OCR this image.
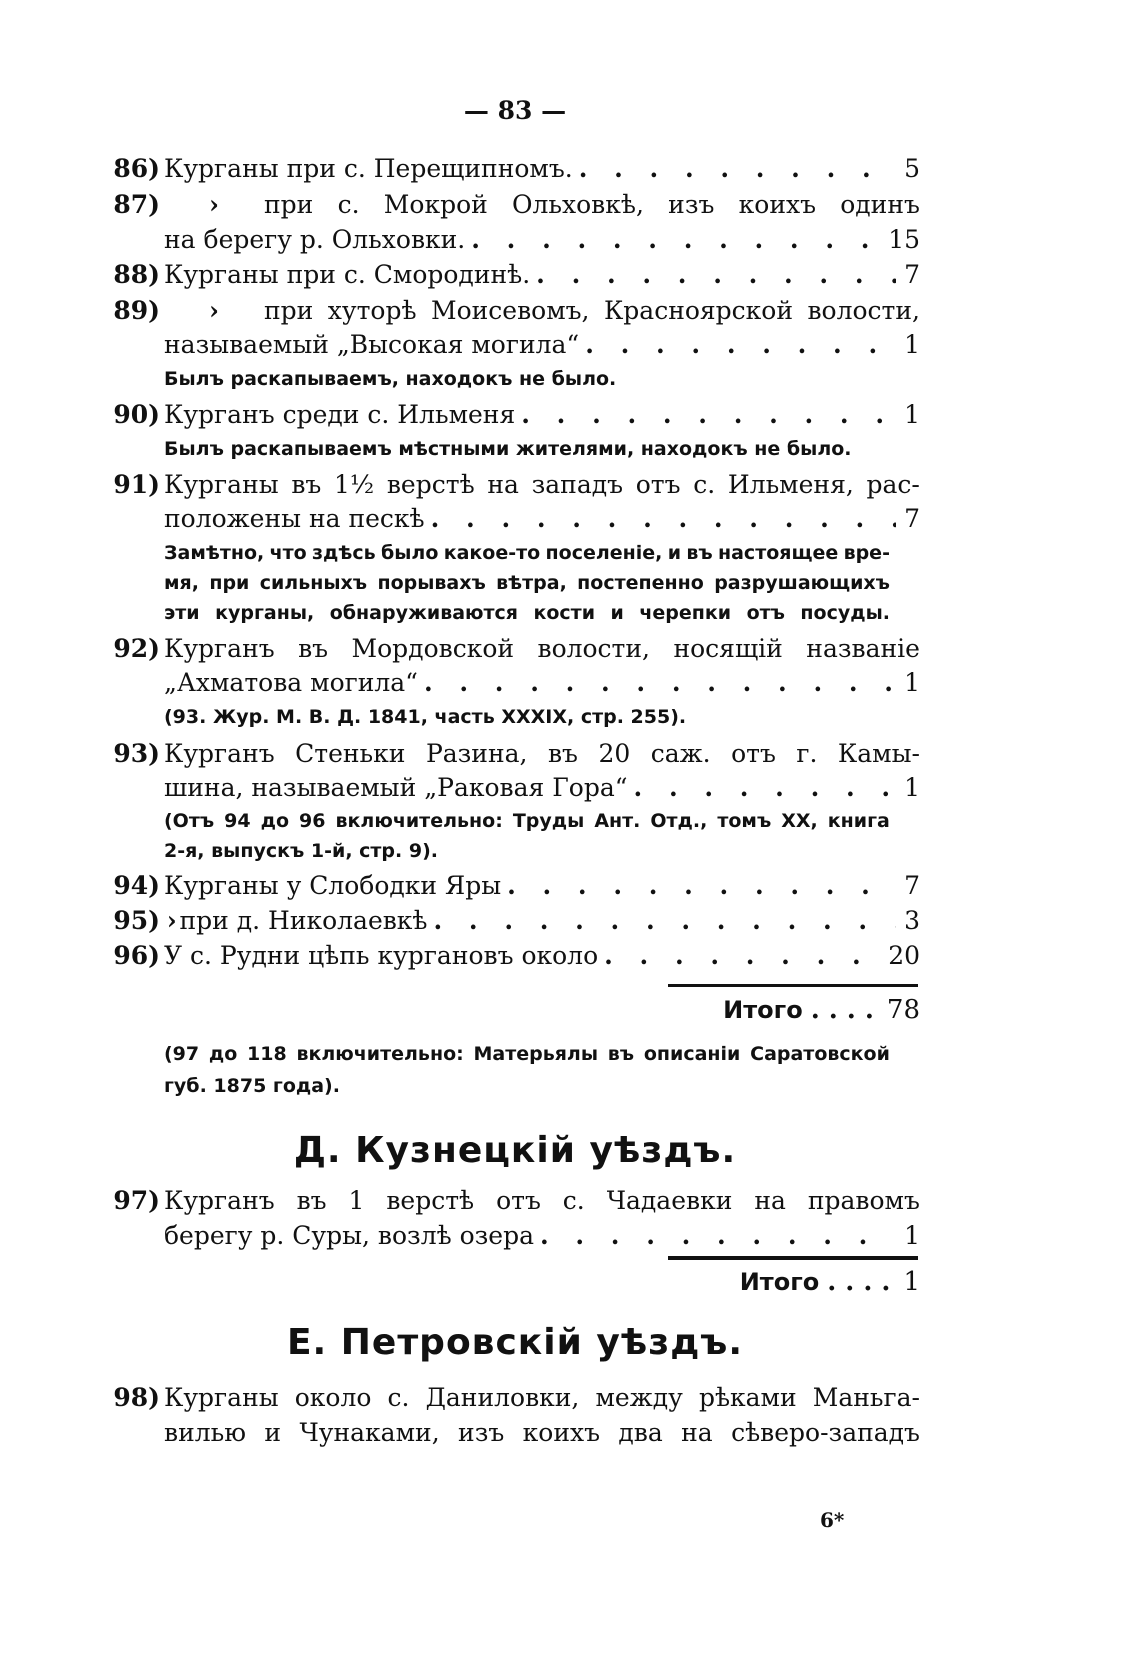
— 83 —
86) Курганы при с. Перещипномъ. . . .	5
87)	›	при с. Мокрой Ольховкѣ, изъ коихъ одинъ
на берегу р. Ольховки. . . .	15
88) Курганы при с. Смородинѣ. . . .	7
89)	›	при хуторѣ Моисевомъ, Красноярской волости,
называемый „Высокая могила“ . . .	1
Былъ раскапываемъ, находокъ не было.
90) Курганъ среди с. Ильменя . . .	1
Былъ раскапываемъ мѣстными жителями, находокъ не было.
91) Курганы въ 1½ верстѣ на западъ отъ с. Ильменя, рас-
положены на пескѣ . . .	7
Замѣтно, что здѣсь было какое-то поселеніе, и въ настоящее вре-
мя, при сильныхъ порывахъ вѣтра, постепенно разрушающихъ
эти курганы, обнаруживаются кости и черепки отъ посуды.
92) Курганъ въ Мордовской волости, носящій названіе
„Ахматова могила“ . . .	1
(93. Жур. М. В. Д. 1841, часть XXXIX, стр. 255).
93) Курганъ Стеньки Разина, въ 20 саж. отъ г. Камы-
шина, называемый „Раковая Гора“ . . .	1
(Отъ 94 до 96 включительно: Труды Ант. Отд., томъ XX, книга
2-я, выпускъ 1-й, стр. 9).
94) Курганы у Слободки Яры . . .	7
95) › при д. Николаевкѣ . . .	3
96) У с. Рудни цѣпь кургановъ около . . .	20
Итого .... 78
(97 до 118 включительно: Матерьялы въ описаніи Саратовской
губ. 1875 года).
Д. Кузнецкій уѣздъ.
97) Курганъ въ 1 верстѣ отъ с. Чадаевки на правомъ
берегу р. Суры, возлѣ озера . . .	1
Итого .... 1
Е. Петровскій уѣздъ.
98) Курганы около с. Даниловки, между рѣками Маньга-
вилью и Чунаками, изъ коихъ два на сѣверо-западъ
6*
